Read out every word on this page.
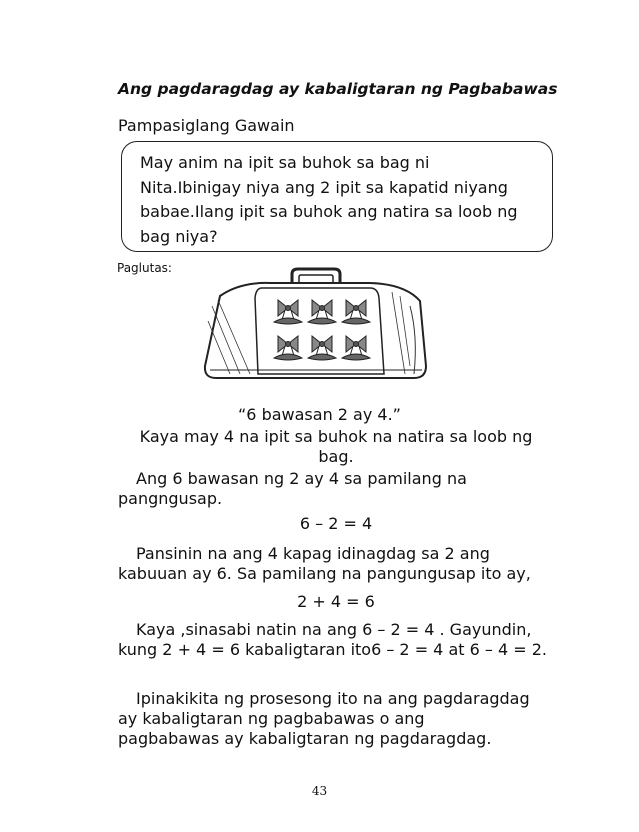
Ang pagdaragdag ay kabaligtaran ng Pagbabawas
Pampasiglang Gawain
May anim na ipit sa buhok sa bag ni
Nita.Ibinigay niya ang 2 ipit sa kapatid niyang
babae.Ilang ipit sa buhok ang natira sa loob ng
bag niya?
Paglutas:
“6 bawasan 2 ay 4.”
Kaya may 4 na ipit sa buhok na natira sa loob ng
bag.
Ang 6 bawasan ng 2 ay 4 sa pamilang na
pangngusap.
6 – 2 = 4
Pansinin na ang 4 kapag idinagdag sa 2 ang
kabuuan ay 6. Sa pamilang na pangungusap ito ay,
2 + 4 = 6
Kaya ,sinasabi natin na ang 6 – 2 = 4 . Gayundin,
kung 2 + 4 = 6 kabaligtaran ito6 – 2 = 4 at 6 – 4 = 2.
Ipinakikita ng prosesong ito na ang pagdaragdag
ay kabaligtaran ng pagbabawas o ang
pagbabawas ay kabaligtaran ng pagdaragdag.
43
